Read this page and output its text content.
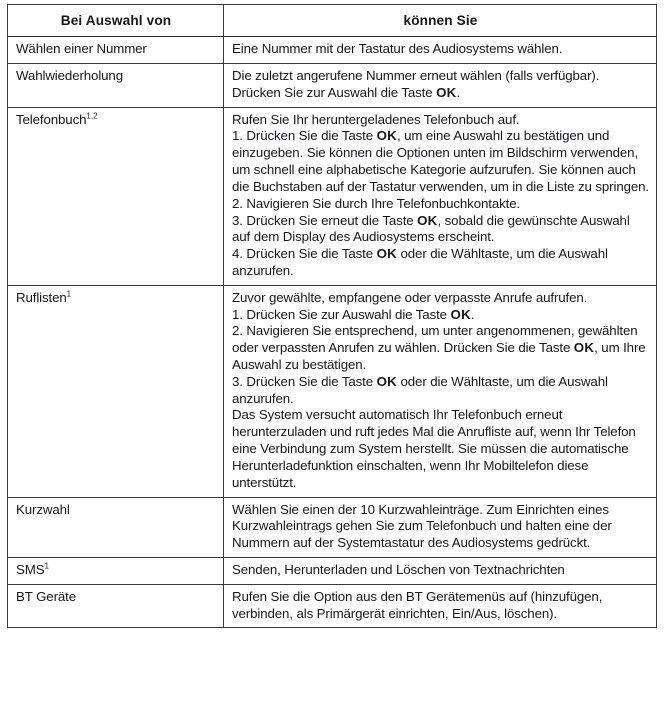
Bei Auswahl von	können Sie
Wählen einer Nummer	Eine Nummer mit der Tastatur des Audiosystems wählen.

Wahlwiederholung	Die zuletzt angerufene Nummer erneut wählen (falls verfügbar). Drücken Sie zur Auswahl die Taste OK.

Telefonbuch$^{1,2}$	Rufen Sie Ihr heruntergeladenes Telefonbuch auf.
1. Drücken Sie die Taste OK, um eine Auswahl zu bestätigen und einzugeben. Sie können die Optionen unten im Bildschirm verwenden, um schnell eine alphabetische Kategorie aufzurufen. Sie können auch die Buchstaben auf der Tastatur verwenden, um in die Liste zu springen.
2. Navigieren Sie durch Ihre Telefonbuchkontakte.
3. Drücken Sie erneut die Taste OK, sobald die gewünschte Auswahl auf dem Display des Audiosystems erscheint.
4. Drücken Sie die Taste OK oder die Wähltaste, um die Auswahl anzurufen.

Ruflisten$^1$	Zuvor gewählte, empfangene oder verpasste Anrufe aufrufen.
1. Drücken Sie zur Auswahl die Taste OK.
2. Navigieren Sie entsprechend, um unter angenommenen, gewählten oder verpassten Anrufen zu wählen. Drücken Sie die Taste OK, um Ihre Auswahl zu bestätigen.
3. Drücken Sie die Taste OK oder die Wähltaste, um die Auswahl anzurufen.
Das System versucht automatisch Ihr Telefonbuch erneut herunterzuladen und ruft jedes Mal die Anrufliste auf, wenn Ihr Telefon eine Verbindung zum System herstellt. Sie müssen die automatische Herunterladefunktion einschalten, wenn Ihr Mobiltelefon diese unterstützt.

Kurzwahl	Wählen Sie einen der 10 Kurzwahleinträge. Zum Einrichten eines Kurzwahleintrags gehen Sie zum Telefonbuch und halten eine der Nummern auf der Systemtastatur des Audiosystems gedrückt.

SMS$^1$	Senden, Herunterladen und Löschen von Textnachrichten

BT Geräte	Rufen Sie die Option aus den BT Gerätemenüs auf (hinzufügen, verbinden, als Primärgerät einrichten, Ein/Aus, löschen).
